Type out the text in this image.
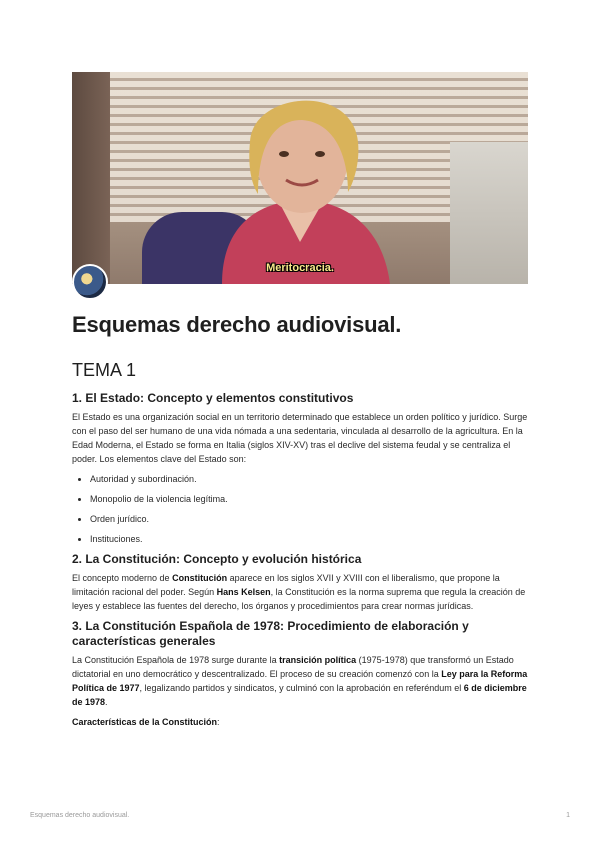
Meritocracia.
Esquemas derecho audiovisual.
TEMA 1
1. El Estado: Concepto y elementos constitutivos

El Estado es una organización social en un territorio determinado que establece un orden político y jurídico. Surge con el paso del ser humano de una vida nómada a una sedentaria, vinculada al desarrollo de la agricultura. En la Edad Moderna, el Estado se forma en Italia (siglos XIV-XV) tras el declive del sistema feudal y se centraliza el poder. Los elementos clave del Estado son:

• Autoridad y subordinación.
• Monopolio de la violencia legítima.
• Orden jurídico.
• Instituciones.
2. La Constitución: Concepto y evolución histórica

El concepto moderno de Constitución aparece en los siglos XVII y XVIII con el liberalismo, que propone la limitación racional del poder. Según Hans Kelsen, la Constitución es la norma suprema que regula la creación de leyes y establece las fuentes del derecho, los órganos y procedimientos para crear normas jurídicas.

3. La Constitución Española de 1978: Procedimiento de elaboración y características generales

La Constitución Española de 1978 surge durante la transición política (1975-1978) que transformó un Estado dictatorial en uno democrático y descentralizado. El proceso de su creación comenzó con la Ley para la Reforma Política de 1977, legalizando partidos y sindicatos, y culminó con la aprobación en referéndum el 6 de diciembre de 1978.

Características de la Constitución:

Esquemas derecho audiovisual.	1
